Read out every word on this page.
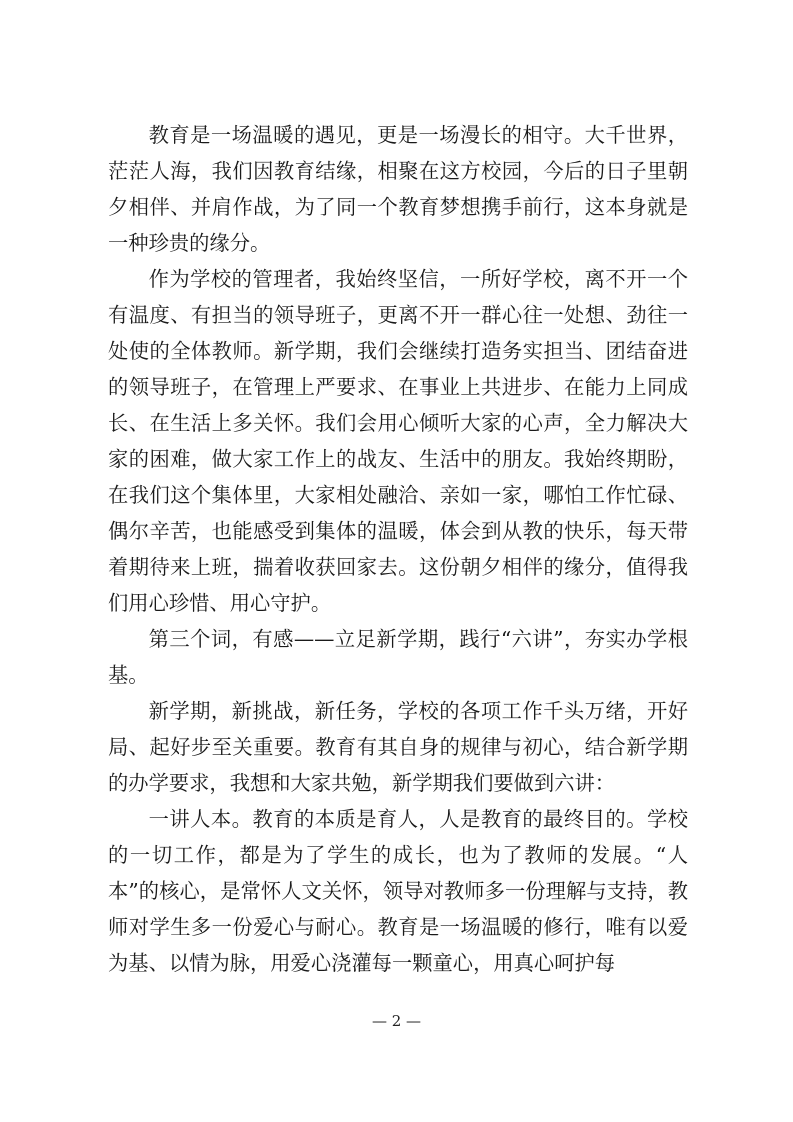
教育是一场温暖的遇见，更是一场漫长的相守。大千世界，茫茫人海，我们因教育结缘，相聚在这方校园，今后的日子里朝夕相伴、并肩作战，为了同一个教育梦想携手前行，这本身就是一种珍贵的缘分。

作为学校的管理者，我始终坚信，一所好学校，离不开一个有温度、有担当的领导班子，更离不开一群心往一处想、劲往一处使的全体教师。新学期，我们会继续打造务实担当、团结奋进的领导班子，在管理上严要求、在事业上共进步、在能力上同成长、在生活上多关怀。我们会用心倾听大家的心声，全力解决大家的困难，做大家工作上的战友、生活中的朋友。我始终期盼，在我们这个集体里，大家相处融洽、亲如一家，哪怕工作忙碌、偶尔辛苦，也能感受到集体的温暖，体会到从教的快乐，每天带着期待来上班，揣着收获回家去。这份朝夕相伴的缘分，值得我们用心珍惜、用心守护。

第三个词，有感——立足新学期，践行“六讲”，夯实办学根基。

新学期，新挑战，新任务，学校的各项工作千头万绪，开好局、起好步至关重要。教育有其自身的规律与初心，结合新学期的办学要求，我想和大家共勉，新学期我们要做到六讲：

一讲人本。教育的本质是育人，人是教育的最终目的。学校的一切工作，都是为了学生的成长，也为了教师的发展。“人本”的核心，是常怀人文关怀，领导对教师多一份理解与支持，教师对学生多一份爱心与耐心。教育是一场温暖的修行，唯有以爱为基、以情为脉，用爱心浇灌每一颗童心，用真心呵护每

— 2 —
